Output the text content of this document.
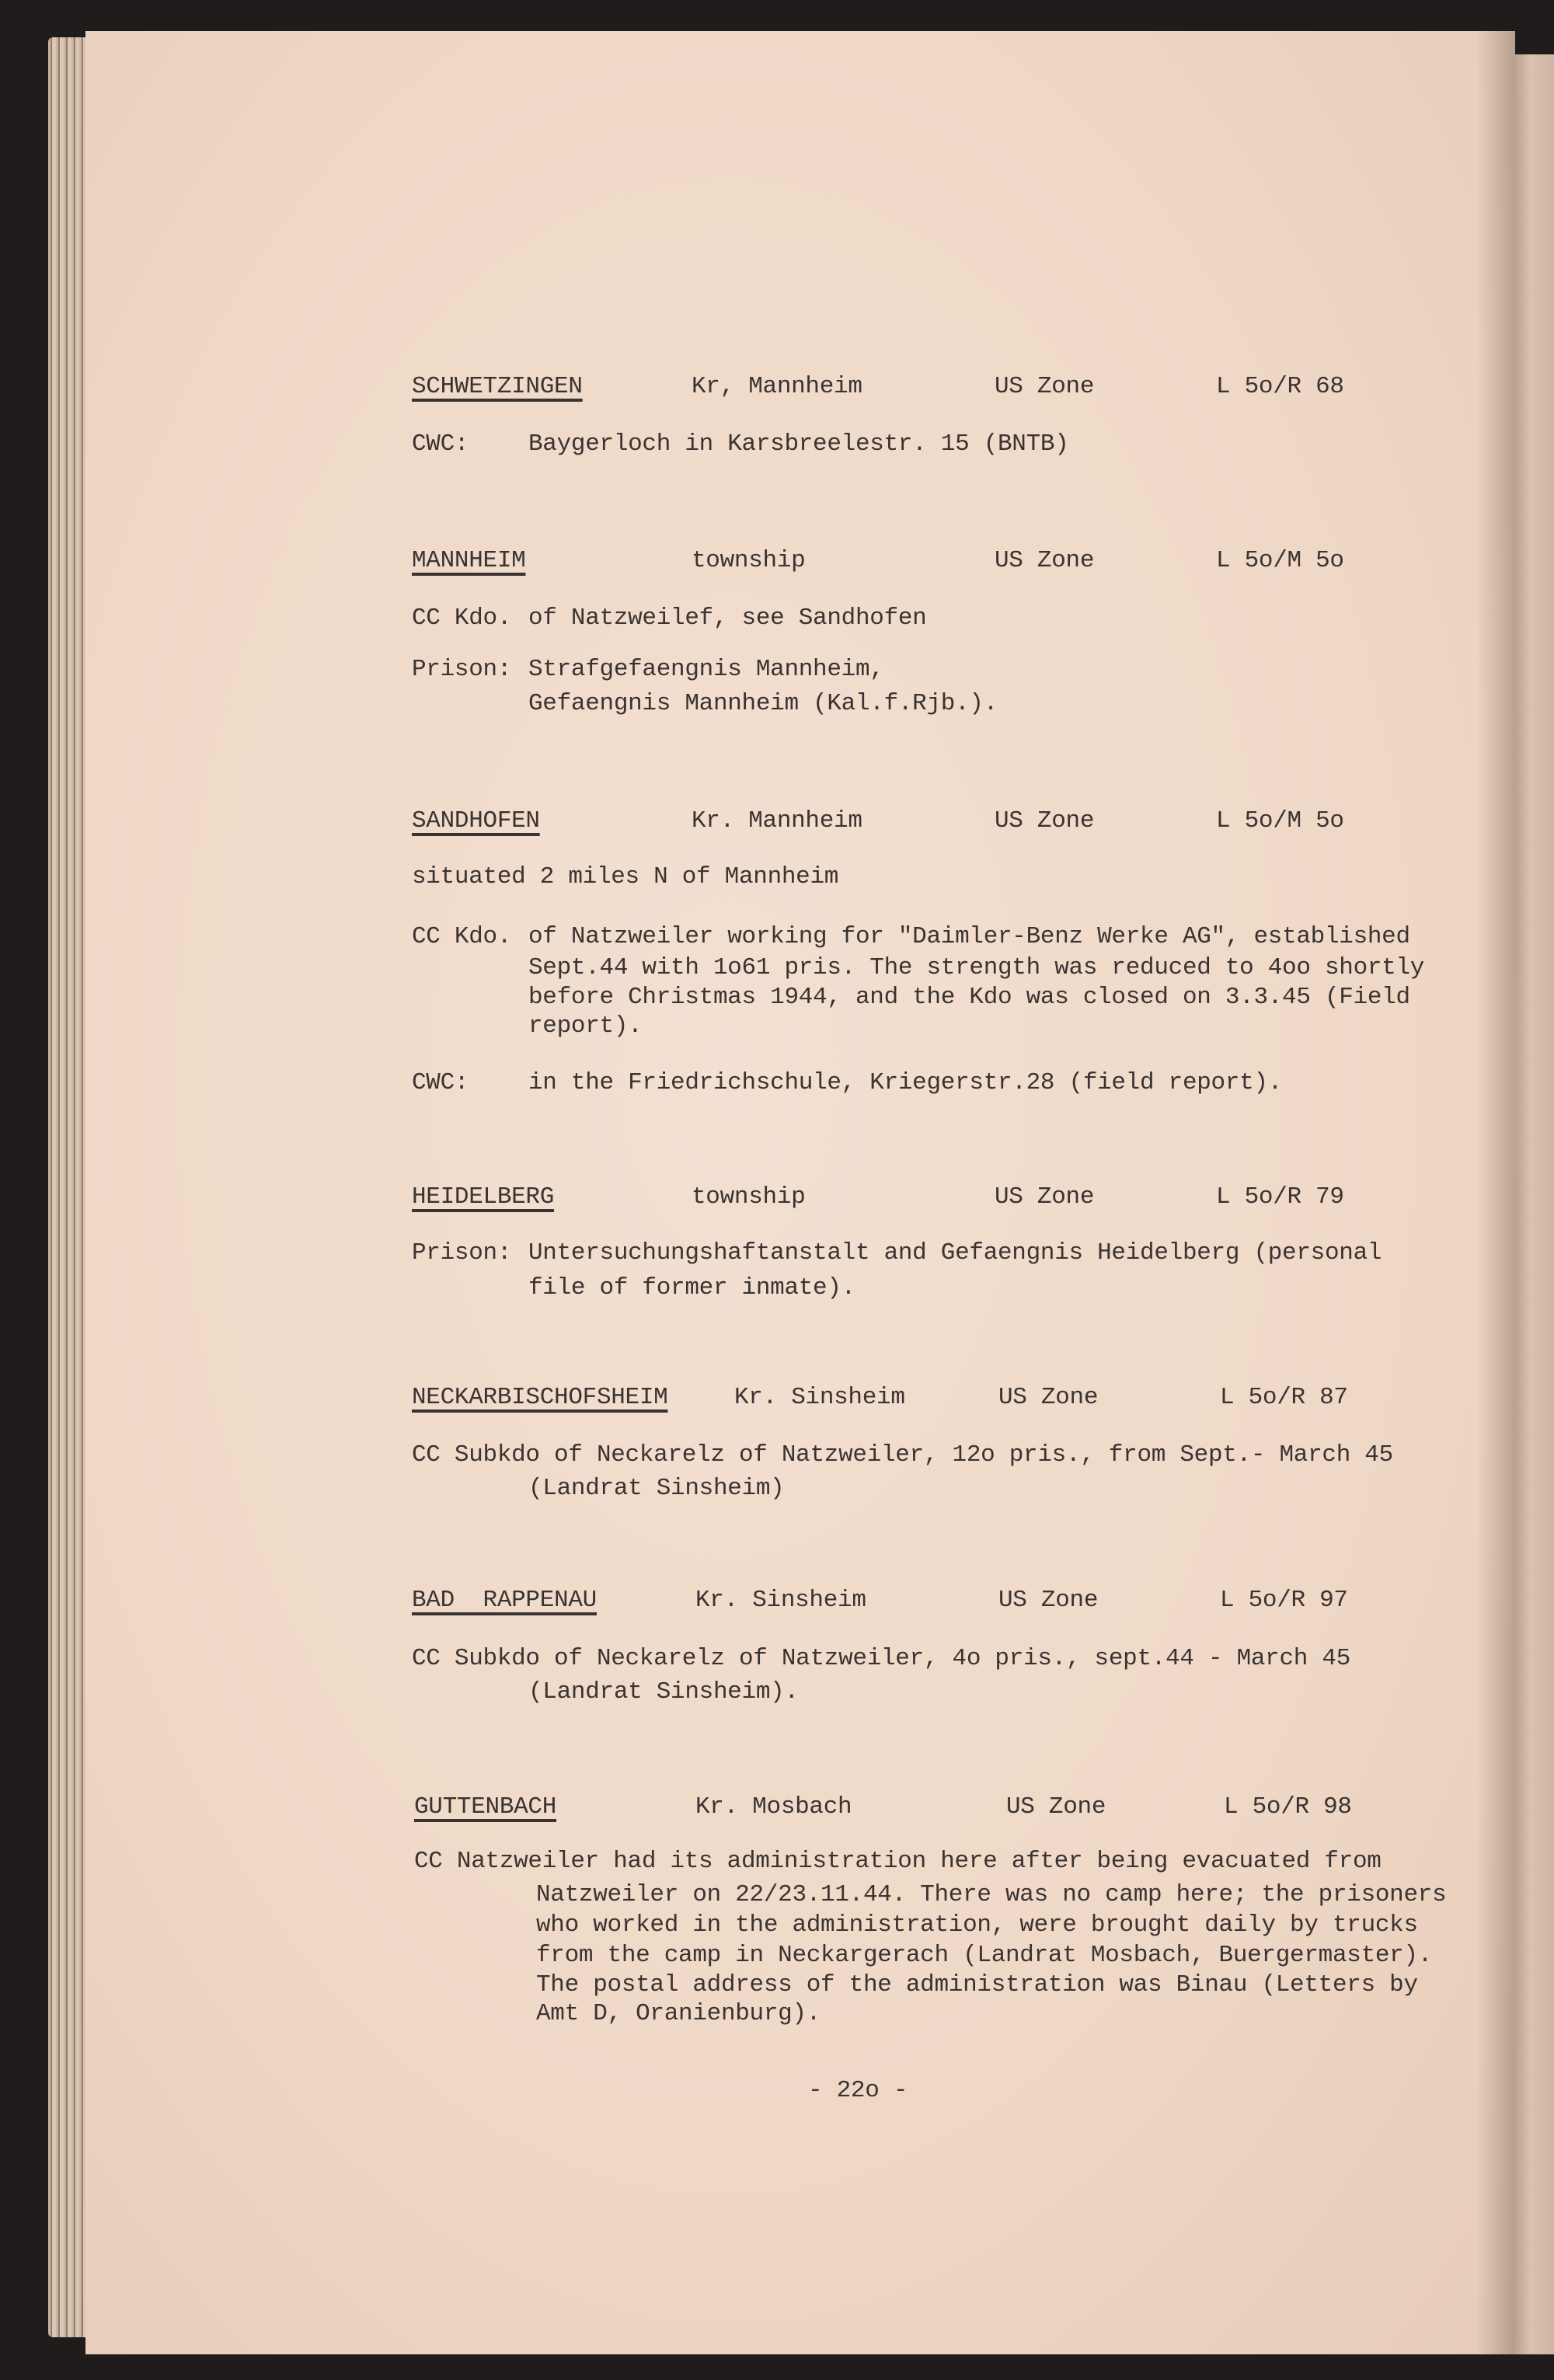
SCHWETZINGEN	Kr, Mannheim	US Zone	L 5o/R 68
CWC: Baygerloch in Karsbreelestr. 15 (BNTB)
MANNHEIM	township	US Zone	L 5o/M 5o
CC Kdo. of Natzweilef, see Sandhofen
Prison: Strafgefaengnis Mannheim,
Gefaengnis Mannheim (Kal.f.Rjb.).
SANDHOFEN	Kr. Mannheim	US Zone	L 5o/M 5o
situated 2 miles N of Mannheim
CC Kdo. of Natzweiler working for "Daimler-Benz Werke AG", established
Sept.44 with 1o61 pris. The strength was reduced to 4oo shortly
before Christmas 1944, and the Kdo was closed on 3.3.45 (Field
report).
CWC: in the Friedrichschule, Kriegerstr.28 (field report).
HEIDELBERG	township	US Zone	L 5o/R 79
Prison: Untersuchungshaftanstalt and Gefaengnis Heidelberg (personal
file of former inmate).
NECKARBISCHOFSHEIM	Kr. Sinsheim	US Zone	L 5o/R 87
CC Subkdo of Neckarelz of Natzweiler, 12o pris., from Sept.- March 45
(Landrat Sinsheim)
BAD  RAPPENAU	Kr. Sinsheim	US Zone	L 5o/R 97
CC Subkdo of Neckarelz of Natzweiler, 4o pris., sept.44 - March 45
(Landrat Sinsheim).
GUTTENBACH	Kr. Mosbach	US Zone	L 5o/R 98
CC Natzweiler had its administration here after being evacuated from
Natzweiler on 22/23.11.44. There was no camp here; the prisoners
who worked in the administration, were brought daily by trucks
from the camp in Neckargerach (Landrat Mosbach, Buergermaster).
The postal address of the administration was Binau (Letters by
Amt D, Oranienburg).
- 22o -
